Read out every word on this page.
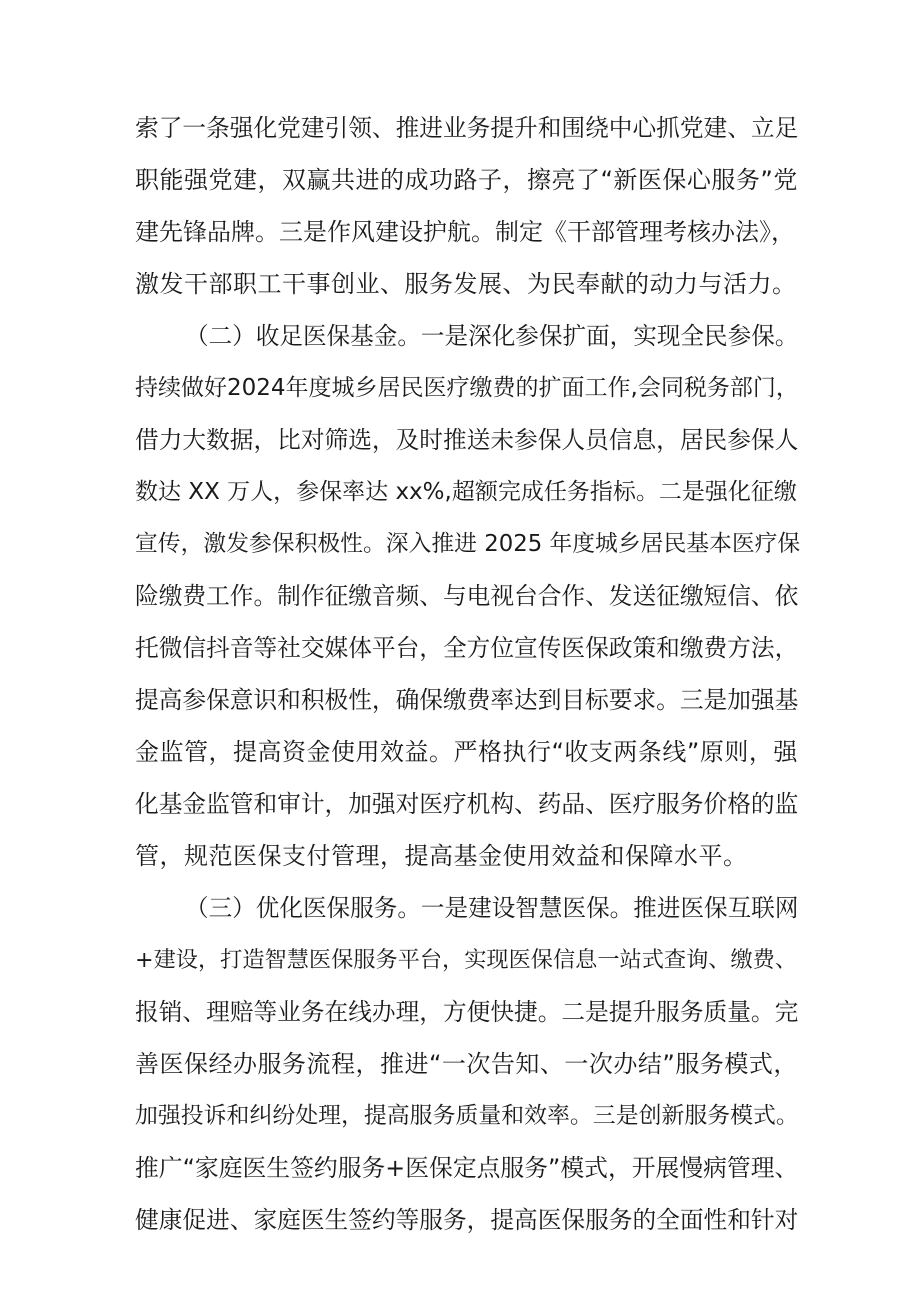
索了一条强化党建引领、推进业务提升和围绕中心抓党建、立足
职能强党建，双赢共进的成功路子，擦亮了“新医保心服务”党
建先锋品牌。三是作风建设护航。制定《干部管理考核办法》，
激发干部职工干事创业、服务发展、为民奉献的动力与活力。
（二）收足医保基金。一是深化参保扩面，实现全民参保。
持续做好2024年度城乡居民医疗缴费的扩面工作,会同税务部门，
借力大数据，比对筛选，及时推送未参保人员信息，居民参保人
数达 XX 万人，参保率达 xx%,超额完成任务指标。二是强化征缴
宣传，激发参保积极性。深入推进 2025 年度城乡居民基本医疗保
险缴费工作。制作征缴音频、与电视台合作、发送征缴短信、依
托微信抖音等社交媒体平台，全方位宣传医保政策和缴费方法，
提高参保意识和积极性，确保缴费率达到目标要求。三是加强基
金监管，提高资金使用效益。严格执行“收支两条线”原则，强
化基金监管和审计，加强对医疗机构、药品、医疗服务价格的监
管，规范医保支付管理，提高基金使用效益和保障水平。
（三）优化医保服务。一是建设智慧医保。推进医保互联网
+建设，打造智慧医保服务平台，实现医保信息一站式查询、缴费、
报销、理赔等业务在线办理，方便快捷。二是提升服务质量。完
善医保经办服务流程，推进“一次告知、一次办结”服务模式，
加强投诉和纠纷处理，提高服务质量和效率。三是创新服务模式。
推广“家庭医生签约服务+医保定点服务”模式，开展慢病管理、
健康促进、家庭医生签约等服务，提高医保服务的全面性和针对
